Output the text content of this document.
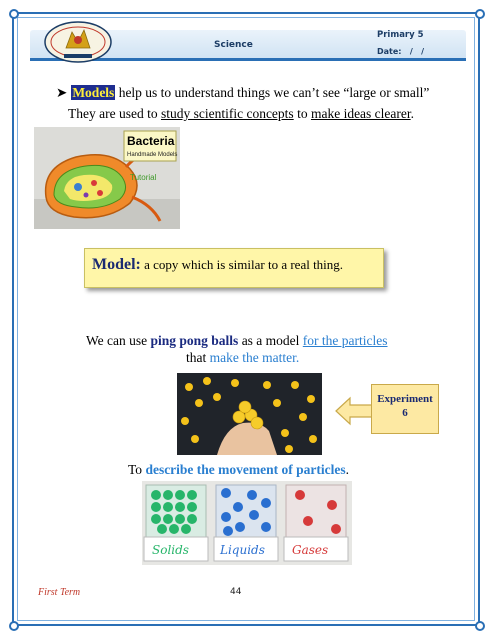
Science
Primary 5
Date:   /   /
➤ Models help us to understand things we can’t see “large or small”
They are used to study scientific concepts to make ideas clearer.
Bacteria
Handmade Models
Tutorial
Model: a copy which is similar to a real thing.
We can use ping pong balls as a model for the particles
that make the matter.
Experiment
6
To describe the movement of particles.
Solids	Liquids Gases
First Term	44
